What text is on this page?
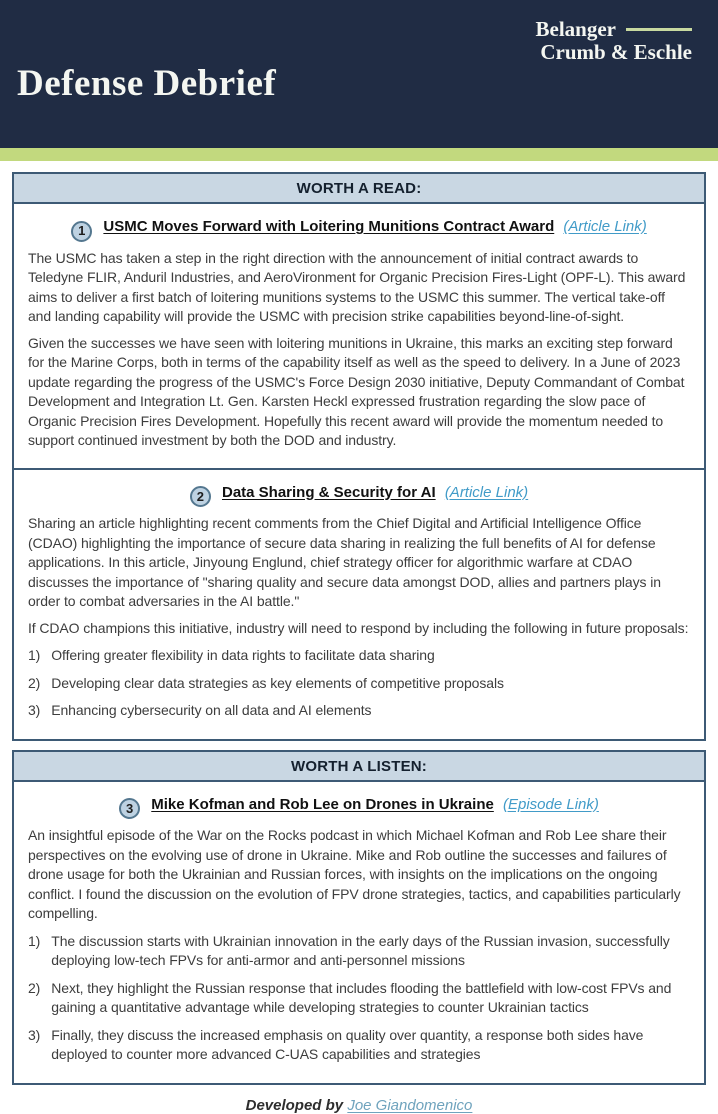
Belanger
Crumb & Eschle
Defense Debrief
WORTH A READ:
1 USMC Moves Forward with Loitering Munitions Contract Award (Article Link)

The USMC has taken a step in the right direction with the announcement of initial contract awards to Teledyne FLIR, Anduril Industries, and AeroVironment for Organic Precision Fires-Light (OPF-L). This award aims to deliver a first batch of loitering munitions systems to the USMC this summer. The vertical take-off and landing capability will provide the USMC with precision strike capabilities beyond-line-of-sight.

Given the successes we have seen with loitering munitions in Ukraine, this marks an exciting step forward for the Marine Corps, both in terms of the capability itself as well as the speed to delivery. In a June of 2023 update regarding the progress of the USMC's Force Design 2030 initiative, Deputy Commandant of Combat Development and Integration Lt. Gen. Karsten Heckl expressed frustration regarding the slow pace of Organic Precision Fires Development. Hopefully this recent award will provide the momentum needed to support continued investment by both the DOD and industry.

2 Data Sharing & Security for AI (Article Link)

Sharing an article highlighting recent comments from the Chief Digital and Artificial Intelligence Office (CDAO) highlighting the importance of secure data sharing in realizing the full benefits of AI for defense applications. In this article, Jinyoung Englund, chief strategy officer for algorithmic warfare at CDAO discusses the importance of "sharing quality and secure data amongst DOD, allies and partners plays in order to combat adversaries in the AI battle."

If CDAO champions this initiative, industry will need to respond by including the following in future proposals:

1) Offering greater flexibility in data rights to facilitate data sharing
2) Developing clear data strategies as key elements of competitive proposals
3) Enhancing cybersecurity on all data and AI elements
WORTH A LISTEN:
3 Mike Kofman and Rob Lee on Drones in Ukraine (Episode Link)

An insightful episode of the War on the Rocks podcast in which Michael Kofman and Rob Lee share their perspectives on the evolving use of drone in Ukraine. Mike and Rob outline the successes and failures of drone usage for both the Ukrainian and Russian forces, with insights on the implications on the ongoing conflict. I found the discussion on the evolution of FPV drone strategies, tactics, and capabilities particularly compelling.

1) The discussion starts with Ukrainian innovation in the early days of the Russian invasion, successfully deploying low-tech FPVs for anti-armor and anti-personnel missions
2) Next, they highlight the Russian response that includes flooding the battlefield with low-cost FPVs and gaining a quantitative advantage while developing strategies to counter Ukrainian tactics
3) Finally, they discuss the increased emphasis on quality over quantity, a response both sides have deployed to counter more advanced C-UAS capabilities and strategies
Developed by Joe Giandomenico
